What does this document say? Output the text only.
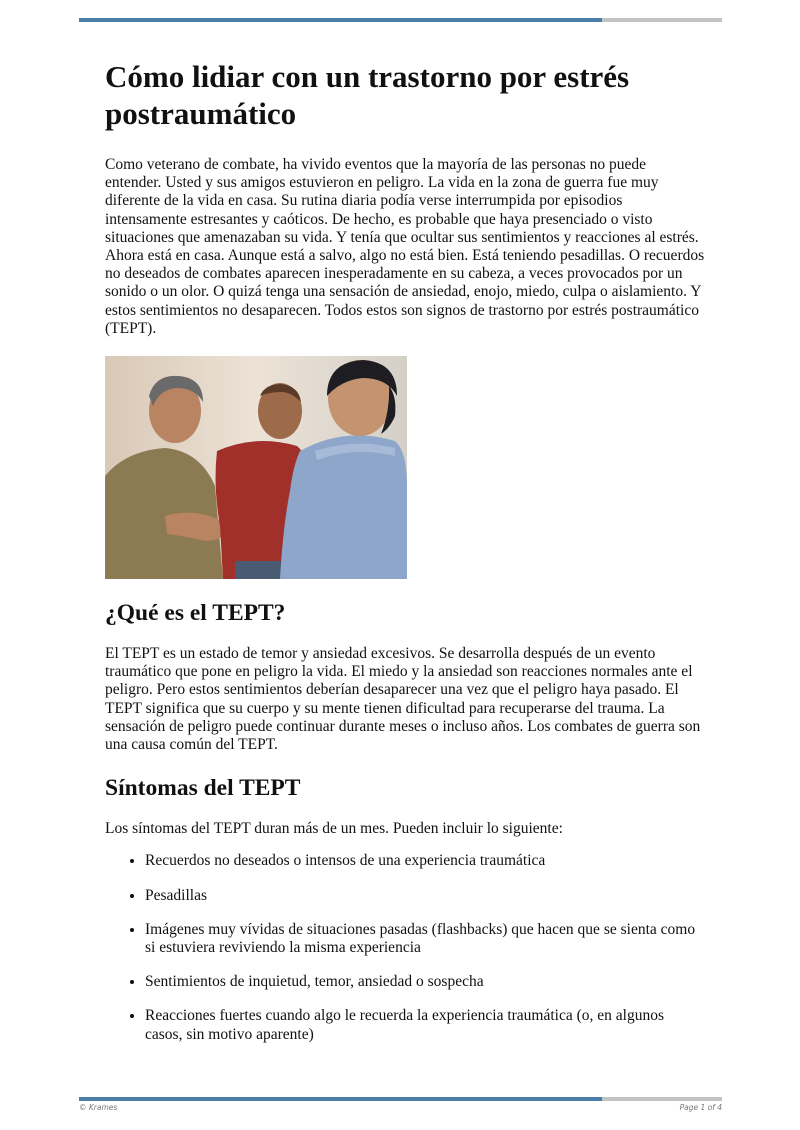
Cómo lidiar con un trastorno por estrés postraumático

Como veterano de combate, ha vivido eventos que la mayoría de las personas no puede entender. Usted y sus amigos estuvieron en peligro. La vida en la zona de guerra fue muy diferente de la vida en casa. Su rutina diaria podía verse interrumpida por episodios intensamente estresantes y caóticos. De hecho, es probable que haya presenciado o visto situaciones que amenazaban su vida. Y tenía que ocultar sus sentimientos y reacciones al estrés. Ahora está en casa. Aunque está a salvo, algo no está bien. Está teniendo pesadillas. O recuerdos no deseados de combates aparecen inesperadamente en su cabeza, a veces provocados por un sonido o un olor. O quizá tenga una sensación de ansiedad, enojo, miedo, culpa o aislamiento. Y estos sentimientos no desaparecen. Todos estos son signos de trastorno por estrés postraumático (TEPT).

¿Qué es el TEPT?

El TEPT es un estado de temor y ansiedad excesivos. Se desarrolla después de un evento traumático que pone en peligro la vida. El miedo y la ansiedad son reacciones normales ante el peligro. Pero estos sentimientos deberían desaparecer una vez que el peligro haya pasado. El TEPT significa que su cuerpo y su mente tienen dificultad para recuperarse del trauma. La sensación de peligro puede continuar durante meses o incluso años. Los combates de guerra son una causa común del TEPT.

Síntomas del TEPT

Los síntomas del TEPT duran más de un mes. Pueden incluir lo siguiente:

• Recuerdos no deseados o intensos de una experiencia traumática
• Pesadillas
• Imágenes muy vívidas de situaciones pasadas (flashbacks) que hacen que se sienta como si estuviera reviviendo la misma experiencia
• Sentimientos de inquietud, temor, ansiedad o sospecha
• Reacciones fuertes cuando algo le recuerda la experiencia traumática (o, en algunos casos, sin motivo aparente)
© Krames	Page 1 of 4
